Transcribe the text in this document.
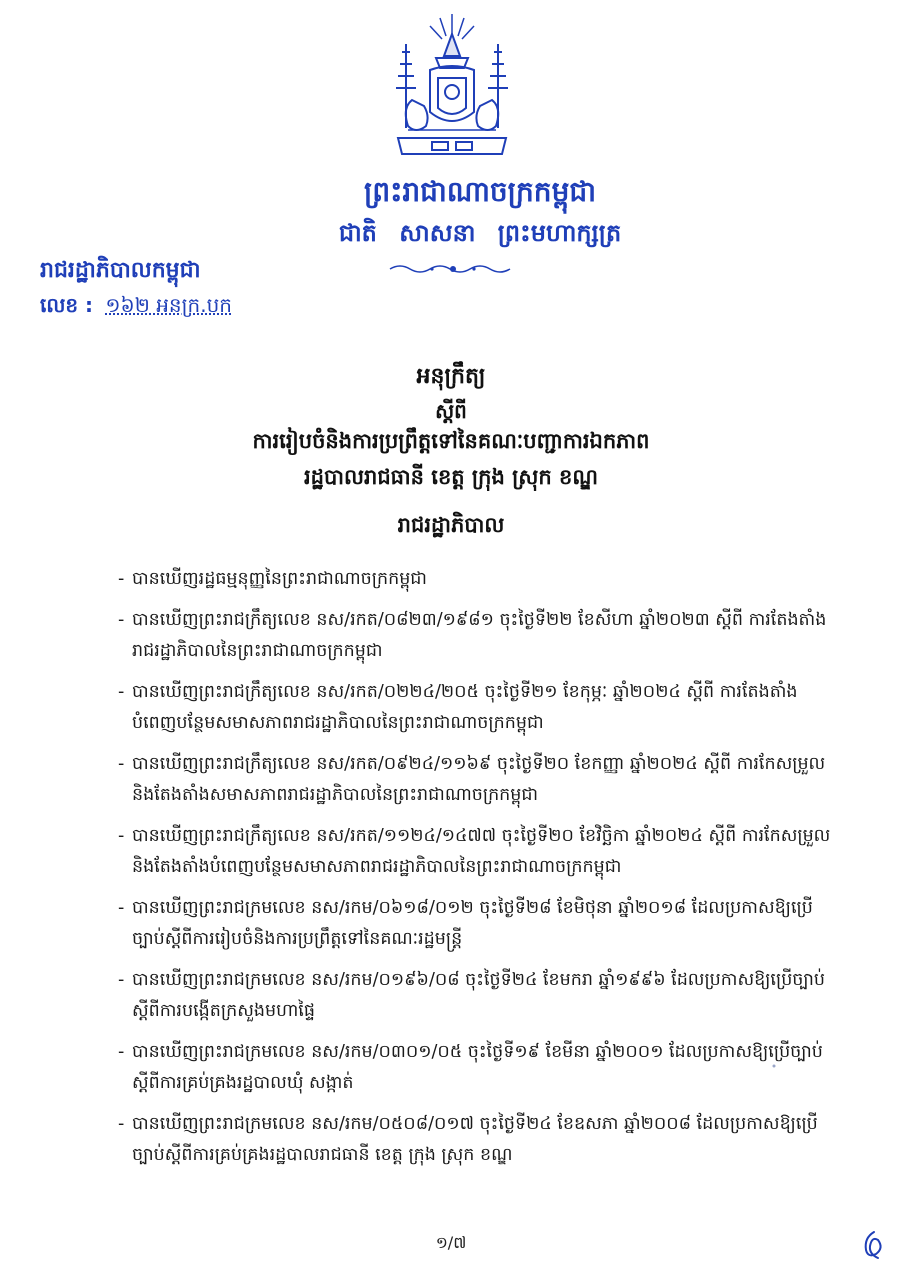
ព្រះរាជាណាចក្រកម្ពុជា
ជាតិ សាសនា ព្រះមហាក្សត្រ
រាជរដ្ឋាភិបាលកម្ពុជា
លេខ : ១៦២ អនក្រ.បក
អនុក្រឹត្យ
ស្តីពី
ការរៀបចំនិងការប្រព្រឹត្តទៅនៃគណៈបញ្ជាការឯកភាព
រដ្ឋបាលរាជធានី ខេត្ត ក្រុង ស្រុក ខណ្ឌ
រាជរដ្ឋាភិបាល
- បានឃើញរដ្ឋធម្មនុញ្ញនៃព្រះរាជាណាចក្រកម្ពុជា
- បានឃើញព្រះរាជក្រឹត្យលេខ នស/រកត/០៨២៣/១៩៨១ ចុះថ្ងៃទី២២ ខែសីហា ឆ្នាំ២០២៣ ស្តីពី ការតែងតាំងរាជរដ្ឋាភិបាលនៃព្រះរាជាណាចក្រកម្ពុជា
- បានឃើញព្រះរាជក្រឹត្យលេខ នស/រកត/០២២៤/២០៥ ចុះថ្ងៃទី២១ ខែកុម្ភៈ ឆ្នាំ២០២៤ ស្តីពី ការតែងតាំងបំពេញបន្ថែមសមាសភាពរាជរដ្ឋាភិបាលនៃព្រះរាជាណាចក្រកម្ពុជា
- បានឃើញព្រះរាជក្រឹត្យលេខ នស/រកត/០៩២៤/១១៦៩ ចុះថ្ងៃទី២០ ខែកញ្ញា ឆ្នាំ២០២៤ ស្តីពី ការកែសម្រួលនិងតែងតាំងសមាសភាពរាជរដ្ឋាភិបាលនៃព្រះរាជាណាចក្រកម្ពុជា
- បានឃើញព្រះរាជក្រឹត្យលេខ នស/រកត/១១២៤/១៤៧៧ ចុះថ្ងៃទី២០ ខែវិច្ឆិកា ឆ្នាំ២០២៤ ស្តីពី ការកែសម្រួលនិងតែងតាំងបំពេញបន្ថែមសមាសភាពរាជរដ្ឋាភិបាលនៃព្រះរាជាណាចក្រកម្ពុជា
- បានឃើញព្រះរាជក្រមលេខ នស/រកម/០៦១៨/០១២ ចុះថ្ងៃទី២៨ ខែមិថុនា ឆ្នាំ២០១៨ ដែលប្រកាសឱ្យប្រើច្បាប់ស្តីពីការរៀបចំនិងការប្រព្រឹត្តទៅនៃគណៈរដ្ឋមន្ត្រី
- បានឃើញព្រះរាជក្រមលេខ នស/រកម/០១៩៦/០៨ ចុះថ្ងៃទី២៤ ខែមករា ឆ្នាំ១៩៩៦ ដែលប្រកាសឱ្យប្រើច្បាប់ស្តីពីការបង្កើតក្រសួងមហាផ្ទៃ
- បានឃើញព្រះរាជក្រមលេខ នស/រកម/០៣០១/០៥ ចុះថ្ងៃទី១៩ ខែមីនា ឆ្នាំ២០០១ ដែលប្រកាសឱ្យប្រើច្បាប់ស្តីពីការគ្រប់គ្រងរដ្ឋបាលឃុំ សង្កាត់
- បានឃើញព្រះរាជក្រមលេខ នស/រកម/០៥០៨/០១៧ ចុះថ្ងៃទី២៤ ខែឧសភា ឆ្នាំ២០០៨ ដែលប្រកាសឱ្យប្រើច្បាប់ស្តីពីការគ្រប់គ្រងរដ្ឋបាលរាជធានី ខេត្ត ក្រុង ស្រុក ខណ្ឌ
១/៧
